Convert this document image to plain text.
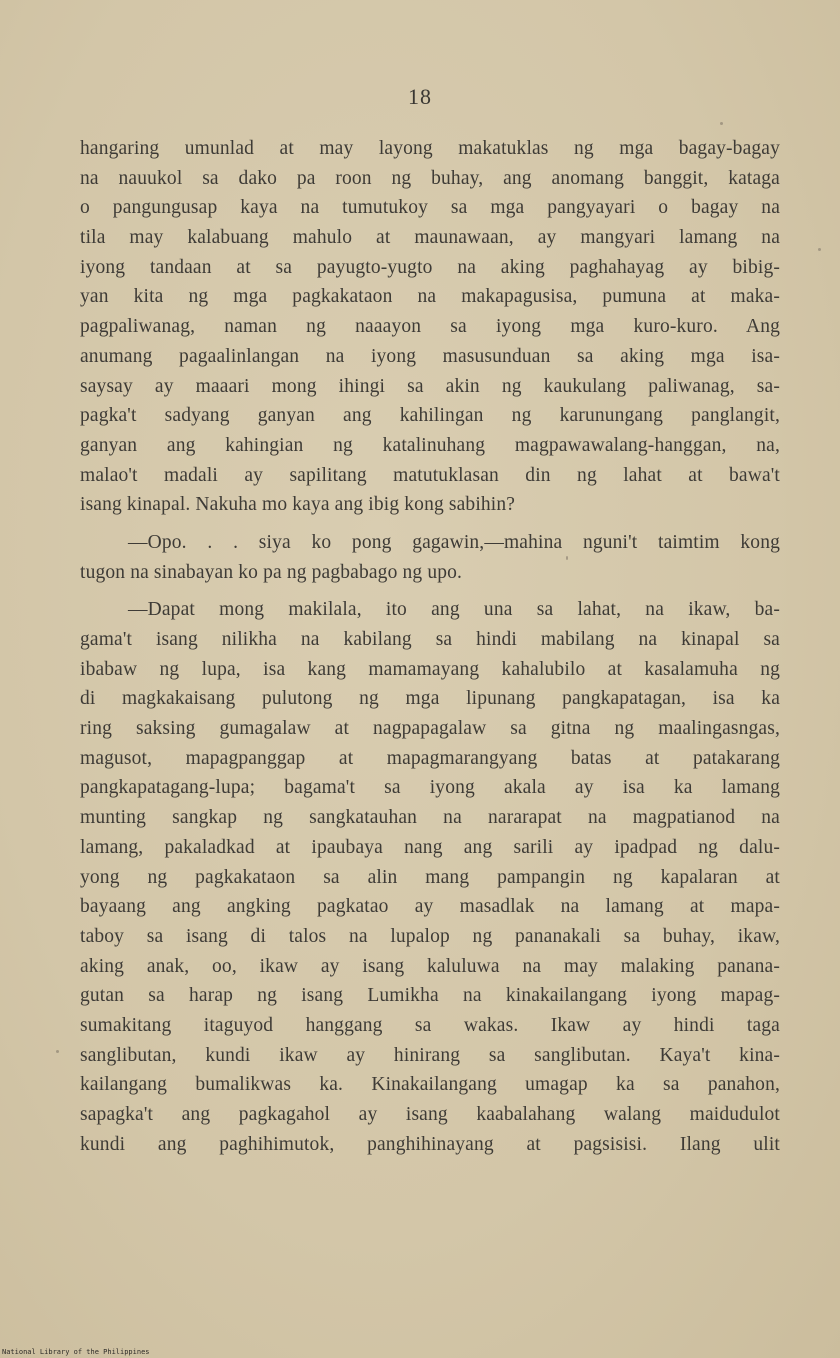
18
hangaring umunlad at may layong makatuklas ng mga bagay-bagay
na nauukol sa dako pa roon ng buhay, ang anomang banggit, kataga
o pangungusap kaya na tumutukoy sa mga pangyayari o bagay na
tila may kalabuang mahulo at maunawaan, ay mangyari lamang na
iyong tandaan at sa payugto-yugto na aking paghahayag ay bibig-
yan kita ng mga pagkakataon na makapagusisa, pumuna at maka-
pagpaliwanag, naman ng naaayon sa iyong mga kuro-kuro. Ang
anumang pagaalinlangan na iyong masusunduan sa aking mga isa-
saysay ay maaari mong ihingi sa akin ng kaukulang paliwanag, sa-
pagka't sadyang ganyan ang kahilingan ng karunungang panglangit,
ganyan ang kahingian ng katalinuhang magpawawalang-hanggan, na,
malao't madali ay sapilitang matutuklasan din ng lahat at bawa't
isang kinapal. Nakuha mo kaya ang ibig kong sabihin?
—Opo. . . siya ko pong gagawin,—mahina nguni't taimtim kong
tugon na sinabayan ko pa ng pagbabago ng upo.
—Dapat mong makilala, ito ang una sa lahat, na ikaw, ba-
gama't isang nilikha na kabilang sa hindi mabilang na kinapal sa
ibabaw ng lupa, isa kang mamamayang kahalubilo at kasalamuha ng
di magkakaisang pulutong ng mga lipunang pangkapatagan, isa ka
ring saksing gumagalaw at nagpapagalaw sa gitna ng maalingasngas,
magusot, mapagpanggap at mapagmarangyang batas at patakarang
pangkapatagang-lupa; bagama't sa iyong akala ay isa ka lamang
munting sangkap ng sangkatauhan na nararapat na magpatianod na
lamang, pakaladkad at ipaubaya nang ang sarili ay ipadpad ng dalu-
yong ng pagkakataon sa alin mang pampangin ng kapalaran at
bayaang ang angking pagkatao ay masadlak na lamang at mapa-
taboy sa isang di talos na lupalop ng pananakali sa buhay, ikaw,
aking anak, oo, ikaw ay isang kaluluwa na may malaking panana-
gutan sa harap ng isang Lumikha na kinakailangang iyong mapag-
sumakitang itaguyod hanggang sa wakas. Ikaw ay hindi taga
sanglibutan, kundi ikaw ay hinirang sa sanglibutan. Kaya't kina-
kailangang bumalikwas ka. Kinakailangang umagap ka sa panahon,
sapagka't ang pagkagahol ay isang kaabalahang walang maidudulot
kundi ang paghihimutok, panghihinayang at pagsisisi. Ilang ulit
National Library of the Philippines
